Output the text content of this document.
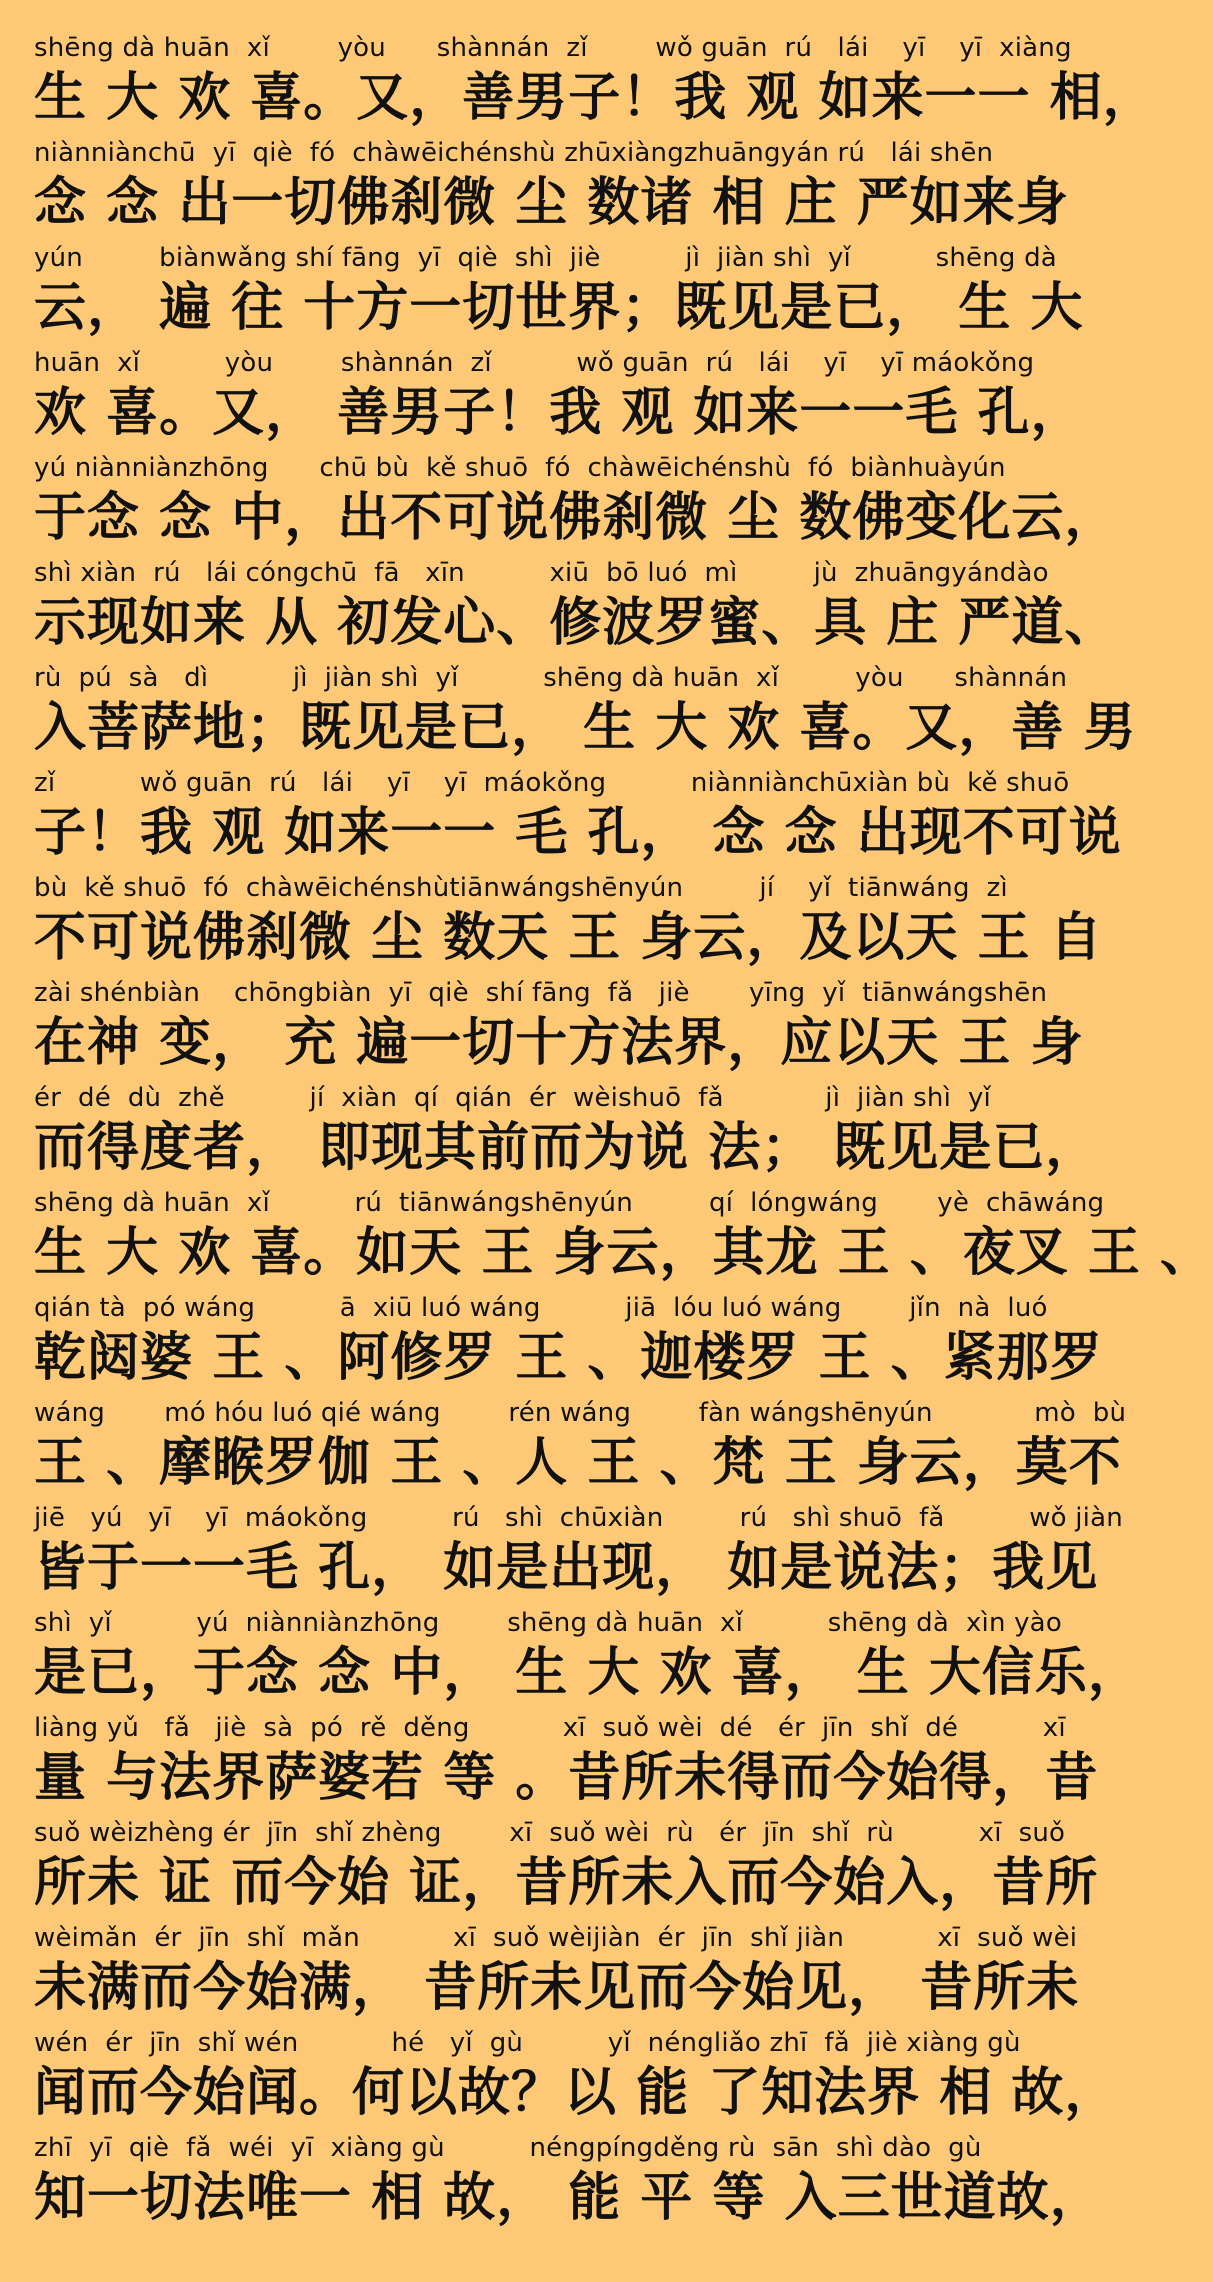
shēng dà huān  xǐ        yòu      shànnán  zǐ        wǒ guān  rú   lái    yī    yī  xiàng
生 大 欢 喜。又，善男子！我 观 如来一一 相，
niànniànchū  yī  qiè  fó  chàwēichénshù zhūxiàngzhuāngyán rú   lái shēn
念 念 出一切佛刹微 尘 数诸 相 庄 严如来身
yún         biànwǎng shí fāng  yī  qiè  shì  jiè          jì  jiàn shì  yǐ          shēng dà
云， 遍 往 十方一切世界；既见是已， 生 大
huān  xǐ          yòu        shànnán  zǐ          wǒ guān  rú   lái    yī    yī máokǒng
欢 喜。又， 善男子！我 观 如来一一毛 孔，
yú niànniànzhōng      chū bù  kě shuō  fó  chàwēichénshù  fó  biànhuàyún
于念 念 中，出不可说佛刹微 尘 数佛变化云，
shì xiàn  rú   lái cóngchū  fā   xīn          xiū  bō luó  mì         jù  zhuāngyándào
示现如来 从 初发心、修波罗蜜、具 庄 严道、
rù  pú  sà   dì          jì  jiàn shì  yǐ          shēng dà huān  xǐ         yòu      shànnán
入菩萨地；既见是已， 生 大 欢 喜。又，善 男
zǐ          wǒ guān  rú   lái    yī    yī  máokǒng          niànniànchūxiàn bù  kě shuō
子！我 观 如来一一 毛 孔， 念 念 出现不可说
bù  kě shuō  fó  chàwēichénshùtiānwángshēnyún         jí    yǐ  tiānwáng  zì
不可说佛刹微 尘 数天 王 身云，及以天 王 自
zài shénbiàn    chōngbiàn  yī  qiè  shí fāng  fǎ   jiè       yīng  yǐ  tiānwángshēn
在神 变， 充 遍一切十方法界，应以天 王 身
ér  dé  dù  zhě          jí  xiàn  qí  qián  ér  wèishuō  fǎ            jì  jiàn shì  yǐ
而得度者， 即现其前而为说 法； 既见是已，
shēng dà huān  xǐ          rú  tiānwángshēnyún         qí  lóngwáng       yè  chāwáng
生 大 欢 喜。如天 王 身云，其龙 王 、夜叉 王 、
qián tà  pó wáng          ā  xiū luó wáng          jiā  lóu luó wáng        jǐn  nà  luó
乾闼婆 王 、阿修罗 王 、迦楼罗 王 、紧那罗
wáng       mó hóu luó qié wáng        rén wáng        fàn wángshēnyún            mò  bù
王 、摩睺罗伽 王 、人 王 、梵 王 身云，莫不
jiē   yú   yī    yī  máokǒng          rú   shì  chūxiàn         rú   shì shuō  fǎ          wǒ jiàn
皆于一一毛 孔， 如是出现， 如是说法；我见
shì  yǐ          yú  niànniànzhōng        shēng dà huān  xǐ          shēng dà  xìn yào
是已，于念 念 中， 生 大 欢 喜， 生 大信乐，
liàng yǔ   fǎ   jiè  sà  pó  rě  děng           xī  suǒ wèi  dé   ér  jīn  shǐ  dé          xī
量 与法界萨婆若 等 。昔所未得而今始得，昔
suǒ wèizhèng ér  jīn  shǐ zhèng        xī  suǒ wèi  rù   ér  jīn  shǐ  rù          xī  suǒ
所未 证 而今始 证，昔所未入而今始入，昔所
wèimǎn  ér  jīn  shǐ  mǎn           xī  suǒ wèijiàn  ér  jīn  shǐ jiàn           xī  suǒ wèi
未满而今始满， 昔所未见而今始见， 昔所未
wén  ér  jīn  shǐ wén           hé   yǐ  gù          yǐ  néngliǎo zhī  fǎ  jiè xiàng gù
闻而今始闻。何以故？以 能 了知法界 相 故，
zhī  yī  qiè  fǎ  wéi  yī  xiàng gù          néngpíngděng rù  sān  shì dào  gù
知一切法唯一 相 故， 能 平 等 入三世道故，
